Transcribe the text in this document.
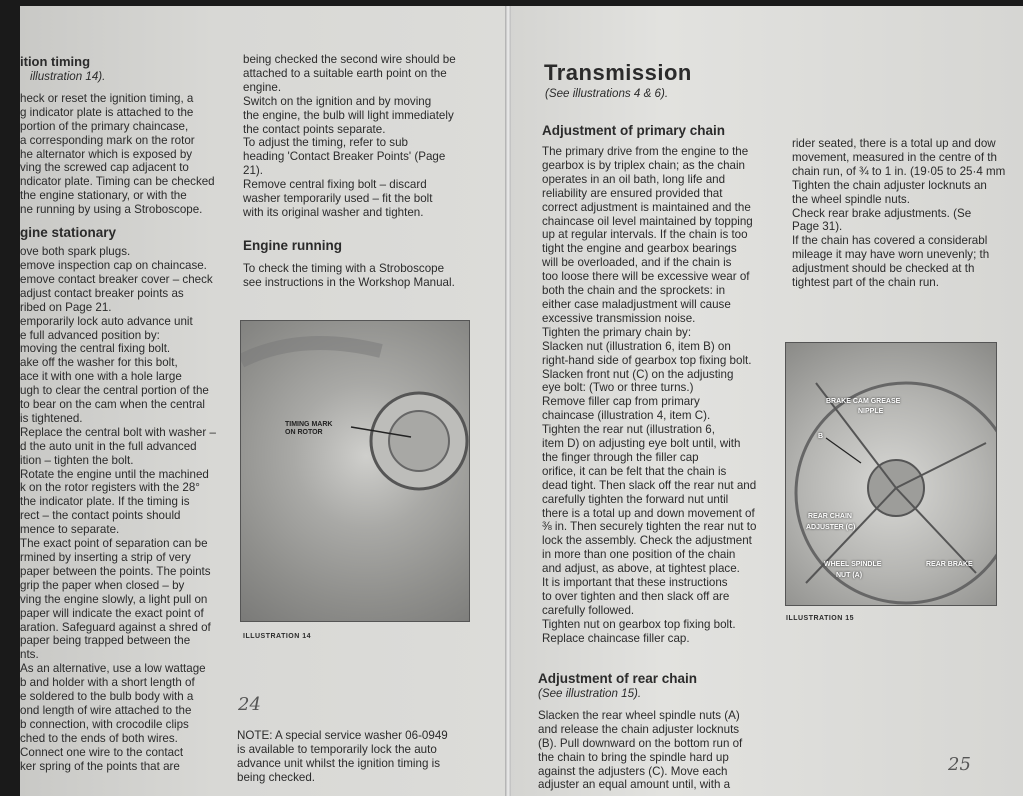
ition timing

illustration 14).

heck or reset the ignition timing, a

g indicator plate is attached to the

portion of the primary chaincase,

a corresponding mark on the rotor

he alternator which is exposed by

ving the screwed cap adjacent to

ndicator plate. Timing can be checked

the engine stationary, or with the

ne running by using a Stroboscope.

gine stationary

ove both spark plugs.

emove inspection cap on chaincase.

emove contact breaker cover – check

adjust contact breaker points as

ribed on Page 21.

emporarily lock auto advance unit

e full advanced position by:

moving the central fixing bolt.

ake off the washer for this bolt,

ace it with one with a hole large

ugh to clear the central portion of the

to bear on the cam when the central

is tightened.

Replace the central bolt with washer –

d the auto unit in the full advanced

ition – tighten the bolt.

Rotate the engine until the machined

k on the rotor registers with the 28°

the indicator plate. If the timing is

rect – the contact points should

mence to separate.

The exact point of separation can be

rmined by inserting a strip of very

paper between the points. The points

grip the paper when closed – by

ving the engine slowly, a light pull on

paper will indicate the exact point of

aration. Safeguard against a shred of

paper being trapped between the

nts.

As an alternative, use a low wattage

b and holder with a short length of

e soldered to the bulb body with a

ond length of wire attached to the

b connection, with crocodile clips

ched to the ends of both wires.

Connect one wire to the contact

ker spring of the points that are

being checked the second wire should be

attached to a suitable earth point on the

engine.

Switch on the ignition and by moving

the engine, the bulb will light immediately

the contact points separate.

To adjust the timing, refer to sub

heading 'Contact Breaker Points' (Page

21).

Remove central fixing bolt – discard

washer temporarily used – fit the bolt

with its original washer and tighten.

Engine running

To check the timing with a Stroboscope

see instructions in the Workshop Manual.

TIMING MARK
ON ROTOR
ILLUSTRATION 14
24

NOTE: A special service washer 06-0949

is available to temporarily lock the auto

advance unit whilst the ignition timing is

being checked.

Transmission
(See illustrations 4 & 6).

Adjustment of primary chain

The primary drive from the engine to the

gearbox is by triplex chain; as the chain

operates in an oil bath, long life and

reliability are ensured provided that

correct adjustment is maintained and the

chaincase oil level maintained by topping

up at regular intervals. If the chain is too

tight the engine and gearbox bearings

will be overloaded, and if the chain is

too loose there will be excessive wear of

both the chain and the sprockets: in

either case maladjustment will cause

excessive transmission noise.

Tighten the primary chain by:

Slacken nut (illustration 6, item B) on

right-hand side of gearbox top fixing bolt.

Slacken front nut (C) on the adjusting

eye bolt: (Two or three turns.)

Remove filler cap from primary

chaincase (illustration 4, item C).

Tighten the rear nut (illustration 6,

item D) on adjusting eye bolt until, with

the finger through the filler cap

orifice, it can be felt that the chain is

dead tight. Then slack off the rear nut and

carefully tighten the forward nut until

there is a total up and down movement of

⅜ in. Then securely tighten the rear nut to

lock the assembly. Check the adjustment

in more than one position of the chain

and adjust, as above, at tightest place.

It is important that these instructions

to over tighten and then slack off are

carefully followed.

Tighten nut on gearbox top fixing bolt.

Replace chaincase filler cap.

Adjustment of rear chain

(See illustration 15).

Slacken the rear wheel spindle nuts (A)

and release the chain adjuster locknuts

(B). Pull downward on the bottom run of

the chain to bring the spindle hard up

against the adjusters (C). Move each

adjuster an equal amount until, with a

rider seated, there is a total up and dow

movement, measured in the centre of th

chain run, of ¾ to 1 in. (19·05 to 25·4 mm

Tighten the chain adjuster locknuts an

the wheel spindle nuts.

Check rear brake adjustments. (Se

Page 31).

If the chain has covered a considerabl

mileage it may have worn unevenly; th

adjustment should be checked at th

tightest part of the chain run.

BRAKE CAM GREASE
NIPPLE
B
REAR CHAIN
ADJUSTER (C)
WHEEL SPINDLE
NUT (A)
REAR BRAKE
ILLUSTRATION 15
25
